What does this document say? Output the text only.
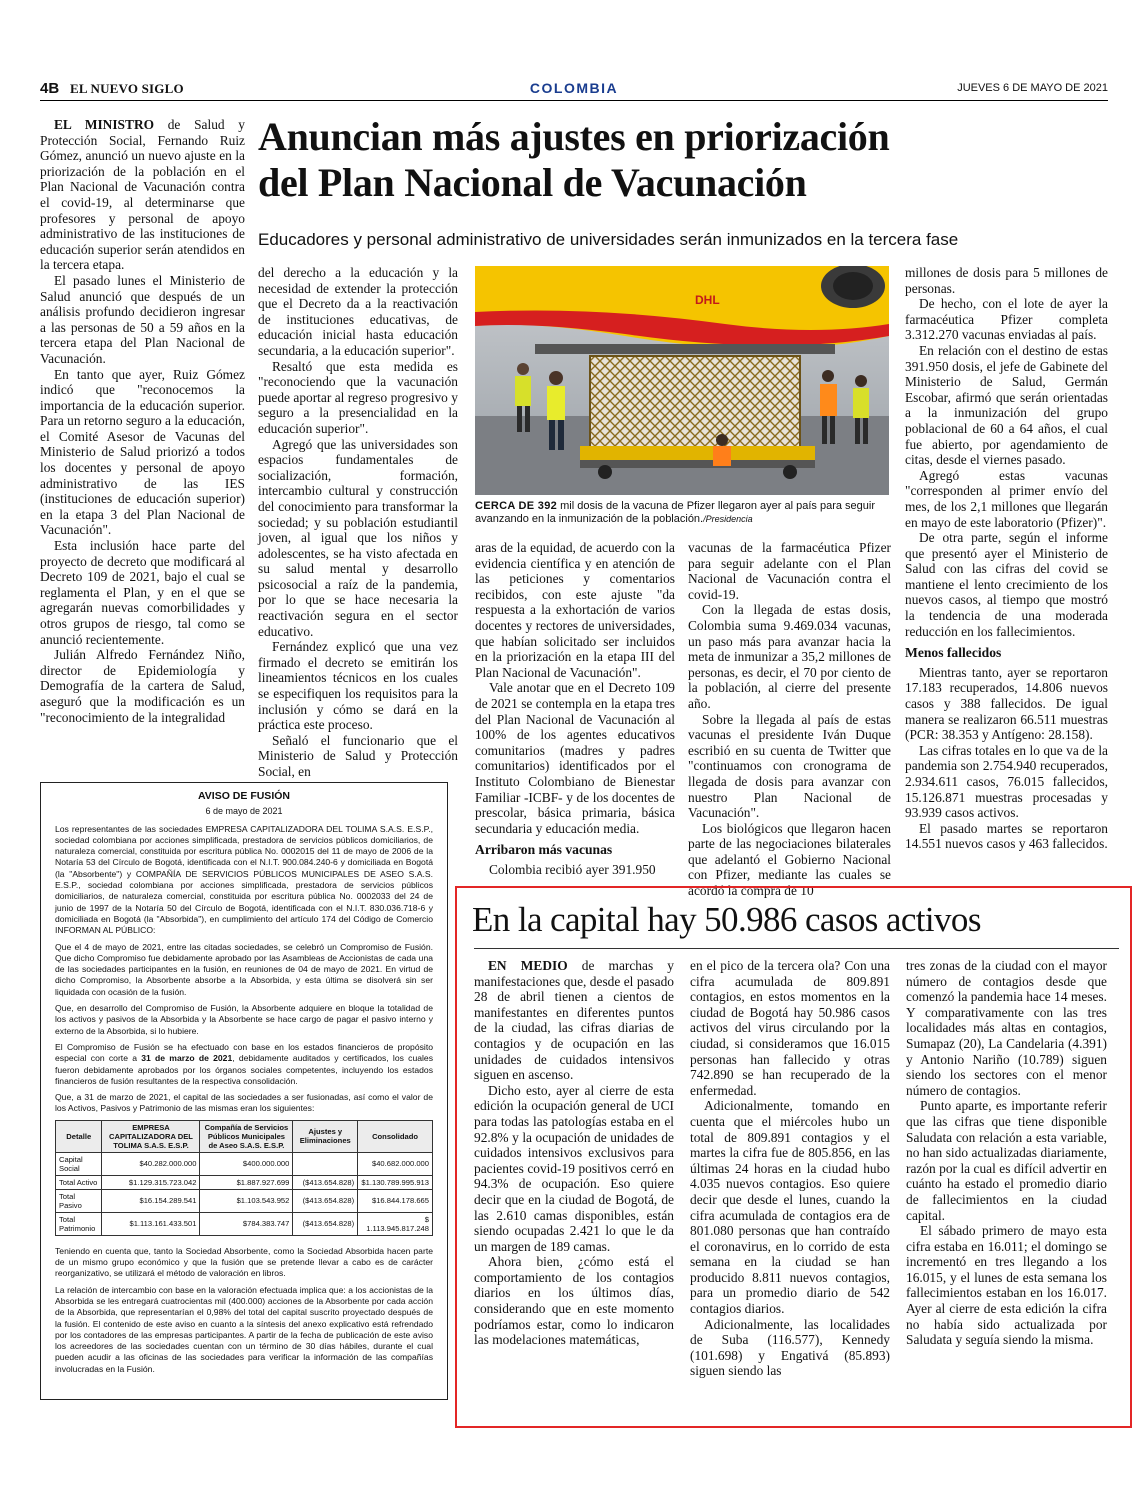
4B EL NUEVO SIGLO	COLOMBIA	JUEVES 6 DE MAYO DE 2021

EL MINISTRO de Salud y Protección Social, Fernando Ruiz Gómez, anunció un nuevo ajuste en la priorización de la población en el Plan Nacional de Vacunación contra el covid-19, al determinarse que profesores y personal de apoyo administrativo de las instituciones de educación superior serán atendidos en la tercera etapa.

El pasado lunes el Ministerio de Salud anunció que después de un análisis profundo decidieron ingresar a las personas de 50 a 59 años en la tercera etapa del Plan Nacional de Vacunación.

En tanto que ayer, Ruiz Gómez indicó que "reconocemos la importancia de la educación superior. Para un retorno seguro a la educación, el Comité Asesor de Vacunas del Ministerio de Salud priorizó a todos los docentes y personal de apoyo administrativo de las IES (instituciones de educación superior) en la etapa 3 del Plan Nacional de Vacunación".

Esta inclusión hace parte del proyecto de decreto que modificará al Decreto 109 de 2021, bajo el cual se reglamenta el Plan, y en el que se agregarán nuevas comorbilidades y otros grupos de riesgo, tal como se anunció recientemente.

Julián Alfredo Fernández Niño, director de Epidemiología y Demografía de la cartera de Salud, aseguró que la modificación es un "reconocimiento de la integralidad

Anuncian más ajustes en priorización
del Plan Nacional de Vacunación
Educadores y personal administrativo de universidades serán inmunizados en la tercera fase

del derecho a la educación y la necesidad de extender la protección que el Decreto da a la reactivación de instituciones educativas, de educación inicial hasta educación secundaria, a la educación superior".

Resaltó que esta medida es "reconociendo que la vacunación puede aportar al regreso progresivo y seguro a la presencialidad en la educación superior".

Agregó que las universidades son espacios fundamentales de socialización, formación, intercambio cultural y construcción del conocimiento para transformar la sociedad; y su población estudiantil joven, al igual que los niños y adolescentes, se ha visto afectada en su salud mental y desarrollo psicosocial a raíz de la pandemia, por lo que se hace necesaria la reactivación segura en el sector educativo.

Fernández explicó que una vez firmado el decreto se emitirán los lineamientos técnicos en los cuales se especifiquen los requisitos para la inclusión y cómo se dará en la práctica este proceso.

Señaló el funcionario que el Ministerio de Salud y Protección Social, en

DHL
CERCA DE 392 mil dosis de la vacuna de Pfizer llegaron ayer al país para seguir avanzando en la inmunización de la población./Presidencia

aras de la equidad, de acuerdo con la evidencia científica y en atención de las peticiones y comentarios recibidos, con este ajuste "da respuesta a la exhortación de varios docentes y rectores de universidades, que habían solicitado ser incluidos en la priorización en la etapa III del Plan Nacional de Vacunación".

Vale anotar que en el Decreto 109 de 2021 se contempla en la etapa tres del Plan Nacional de Vacunación al 100% de los agentes educativos comunitarios (madres y padres comunitarios) identificados por el Instituto Colombiano de Bienestar Familiar -ICBF- y de los docentes de prescolar, básica primaria, básica secundaria y educación media.

Arribaron más vacunas

Colombia recibió ayer 391.950

vacunas de la farmacéutica Pfizer para seguir adelante con el Plan Nacional de Vacunación contra el covid-19.

Con la llegada de estas dosis, Colombia suma 9.469.034 vacunas, un paso más para avanzar hacia la meta de inmunizar a 35,2 millones de personas, es decir, el 70 por ciento de la población, al cierre del presente año.

Sobre la llegada al país de estas vacunas el presidente Iván Duque escribió en su cuenta de Twitter que "continuamos con cronograma de llegada de dosis para avanzar con nuestro Plan Nacional de Vacunación".

Los biológicos que llegaron hacen parte de las negociaciones bilaterales que adelantó el Gobierno Nacional con Pfizer, mediante las cuales se acordó la compra de 10

millones de dosis para 5 millones de personas.

De hecho, con el lote de ayer la farmacéutica Pfizer completa 3.312.270 vacunas enviadas al país.

En relación con el destino de estas 391.950 dosis, el jefe de Gabinete del Ministerio de Salud, Germán Escobar, afirmó que serán orientadas a la inmunización del grupo poblacional de 60 a 64 años, el cual fue abierto, por agendamiento de citas, desde el viernes pasado.

Agregó estas vacunas "corresponden al primer envío del mes, de los 2,1 millones que llegarán en mayo de este laboratorio (Pfizer)".

De otra parte, según el informe que presentó ayer el Ministerio de Salud con las cifras del covid se mantiene el lento crecimiento de los nuevos casos, al tiempo que mostró la tendencia de una moderada reducción en los fallecimientos.

Menos fallecidos

Mientras tanto, ayer se reportaron 17.183 recuperados, 14.806 nuevos casos y 388 fallecidos. De igual manera se realizaron 66.511 muestras (PCR: 38.353 y Antígeno: 28.158).

Las cifras totales en lo que va de la pandemia son 2.754.940 recuperados, 2.934.611 casos, 76.015 fallecidos, 15.126.871 muestras procesadas y 93.939 casos activos.

El pasado martes se reportaron 14.551 nuevos casos y 463 fallecidos.

AVISO DE FUSIÓN
6 de mayo de 2021

Los representantes de las sociedades EMPRESA CAPITALIZADORA DEL TOLIMA S.A.S. E.S.P., sociedad colombiana por acciones simplificada, prestadora de servicios públicos domiciliarios, de naturaleza comercial, constituida por escritura pública No. 0002015 del 11 de mayo de 2006 de la Notaría 53 del Círculo de Bogotá, identificada con el N.I.T. 900.084.240-6 y domiciliada en Bogotá (la "Absorbente") y COMPAÑÍA DE SERVICIOS PÚBLICOS MUNICIPALES DE ASEO S.A.S. E.S.P., sociedad colombiana por acciones simplificada, prestadora de servicios públicos domiciliarios, de naturaleza comercial, constituida por escritura pública No. 0002033 del 24 de junio de 1997 de la Notaría 50 del Círculo de Bogotá, identificada con el N.I.T. 830.036.718-6 y domiciliada en Bogotá (la "Absorbida"), en cumplimiento del artículo 174 del Código de Comercio INFORMAN AL PÚBLICO:

Que el 4 de mayo de 2021, entre las citadas sociedades, se celebró un Compromiso de Fusión. Que dicho Compromiso fue debidamente aprobado por las Asambleas de Accionistas de cada una de las sociedades participantes en la fusión, en reuniones de 04 de mayo de 2021. En virtud de dicho Compromiso, la Absorbente absorbe a la Absorbida, y esta última se disolverá sin ser liquidada con ocasión de la fusión.

Que, en desarrollo del Compromiso de Fusión, la Absorbente adquiere en bloque la totalidad de los activos y pasivos de la Absorbida y la Absorbente se hace cargo de pagar el pasivo interno y externo de la Absorbida, si lo hubiere.

El Compromiso de Fusión se ha efectuado con base en los estados financieros de propósito especial con corte a 31 de marzo de 2021, debidamente auditados y certificados, los cuales fueron debidamente aprobados por los órganos sociales competentes, incluyendo los estados financieros de fusión resultantes de la respectiva consolidación.

Que, a 31 de marzo de 2021, el capital de las sociedades a ser fusionadas, así como el valor de los Activos, Pasivos y Patrimonio de las mismas eran los siguientes:

Detalle	EMPRESA CAPITALIZADORA DEL TOLIMA S.A.S. E.S.P.	Compañía de Servicios Públicos Municipales de Aseo S.A.S. E.S.P.	Ajustes y Eliminaciones	Consolidado
Capital Social	$40.282.000.000	$400.000.000		$40.682.000.000
Total Activo	$1.129.315.723.042	$1.887.927.699	($413.654.828)	$1.130.789.995.913
Total Pasivo	$16.154.289.541	$1.103.543.952	($413.654.828)	$16.844.178.665
Total Patrimonio	$1.113.161.433.501	$784.383.747	($413.654.828)	$ 1.113.945.817.248

Teniendo en cuenta que, tanto la Sociedad Absorbente, como la Sociedad Absorbida hacen parte de un mismo grupo económico y que la fusión que se pretende llevar a cabo es de carácter reorganizativo, se utilizará el método de valoración en libros.

La relación de intercambio con base en la valoración efectuada implica que: a los accionistas de la Absorbida se les entregará cuatrocientas mil (400.000) acciones de la Absorbente por cada acción de la Absorbida, que representarían el 0,98% del total del capital suscrito proyectado después de la fusión. El contenido de este aviso en cuanto a la síntesis del anexo explicativo está refrendado por los contadores de las empresas participantes. A partir de la fecha de publicación de este aviso los acreedores de las sociedades cuentan con un término de 30 días hábiles, durante el cual pueden acudir a las oficinas de las sociedades para verificar la información de las compañías involucradas en la Fusión.

En la capital hay 50.986 casos activos

EN MEDIO de marchas y manifestaciones que, desde el pasado 28 de abril tienen a cientos de manifestantes en diferentes puntos de la ciudad, las cifras diarias de contagios y de ocupación en las unidades de cuidados intensivos siguen en ascenso.

Dicho esto, ayer al cierre de esta edición la ocupación general de UCI para todas las patologías estaba en el 92.8% y la ocupación de unidades de cuidados intensivos exclusivos para pacientes covid-19 positivos cerró en 94.3% de ocupación. Eso quiere decir que en la ciudad de Bogotá, de las 2.610 camas disponibles, están siendo ocupadas 2.421 lo que le da un margen de 189 camas.

Ahora bien, ¿cómo está el comportamiento de los contagios diarios en los últimos días, considerando que en este momento podríamos estar, como lo indicaron las modelaciones matemáticas,

en el pico de la tercera ola? Con una cifra acumulada de 809.891 contagios, en estos momentos en la ciudad de Bogotá hay 50.986 casos activos del virus circulando por la ciudad, si consideramos que 16.015 personas han fallecido y otras 742.890 se han recuperado de la enfermedad.

Adicionalmente, tomando en cuenta que el miércoles hubo un total de 809.891 contagios y el martes la cifra fue de 805.856, en las últimas 24 horas en la ciudad hubo 4.035 nuevos contagios. Eso quiere decir que desde el lunes, cuando la cifra acumulada de contagios era de 801.080 personas que han contraído el coronavirus, en lo corrido de esta semana en la ciudad se han producido 8.811 nuevos contagios, para un promedio diario de 542 contagios diarios.

Adicionalmente, las localidades de Suba (116.577), Kennedy (101.698) y Engativá (85.893) siguen siendo las

tres zonas de la ciudad con el mayor número de contagios desde que comenzó la pandemia hace 14 meses. Y comparativamente con las tres localidades más altas en contagios, Sumapaz (20), La Candelaria (4.391) y Antonio Nariño (10.789) siguen siendo los sectores con el menor número de contagios.

Punto aparte, es importante referir que las cifras que tiene disponible Saludata con relación a esta variable, no han sido actualizadas diariamente, razón por la cual es difícil advertir en cuánto ha estado el promedio diario de fallecimientos en la ciudad capital.

El sábado primero de mayo esta cifra estaba en 16.011; el domingo se incrementó en tres llegando a los 16.015, y el lunes de esta semana los fallecimientos estaban en los 16.017. Ayer al cierre de esta edición la cifra no había sido actualizada por Saludata y seguía siendo la misma.
